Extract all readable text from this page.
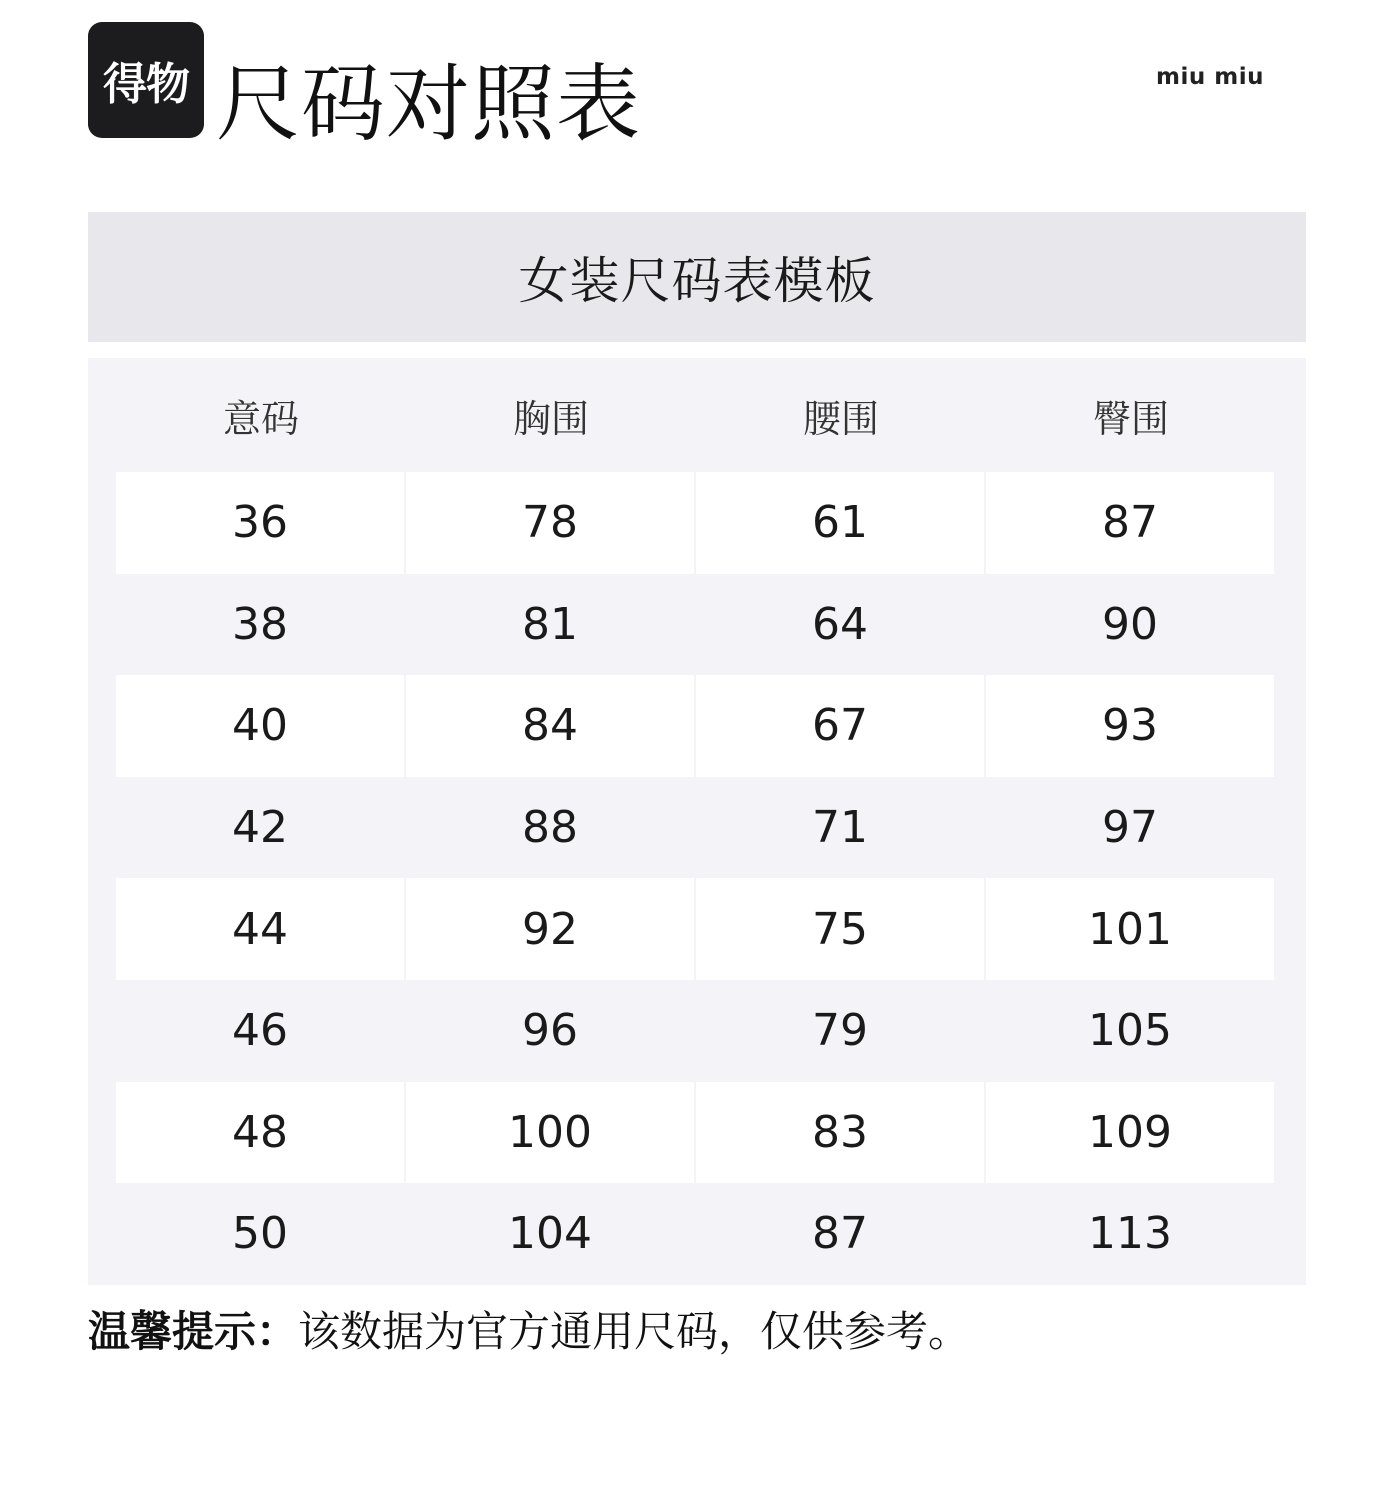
得物 尺码对照表	miu miu
女装尺码表模板
意码	胸围	腰围	臀围
36	78	61	87
38	81	64	90
40	84	67	93
42	88	71	97
44	92	75	101
46	96	79	105
48	100	83	109
50	104	87	113
温馨提示：该数据为官方通用尺码，仅供参考。
